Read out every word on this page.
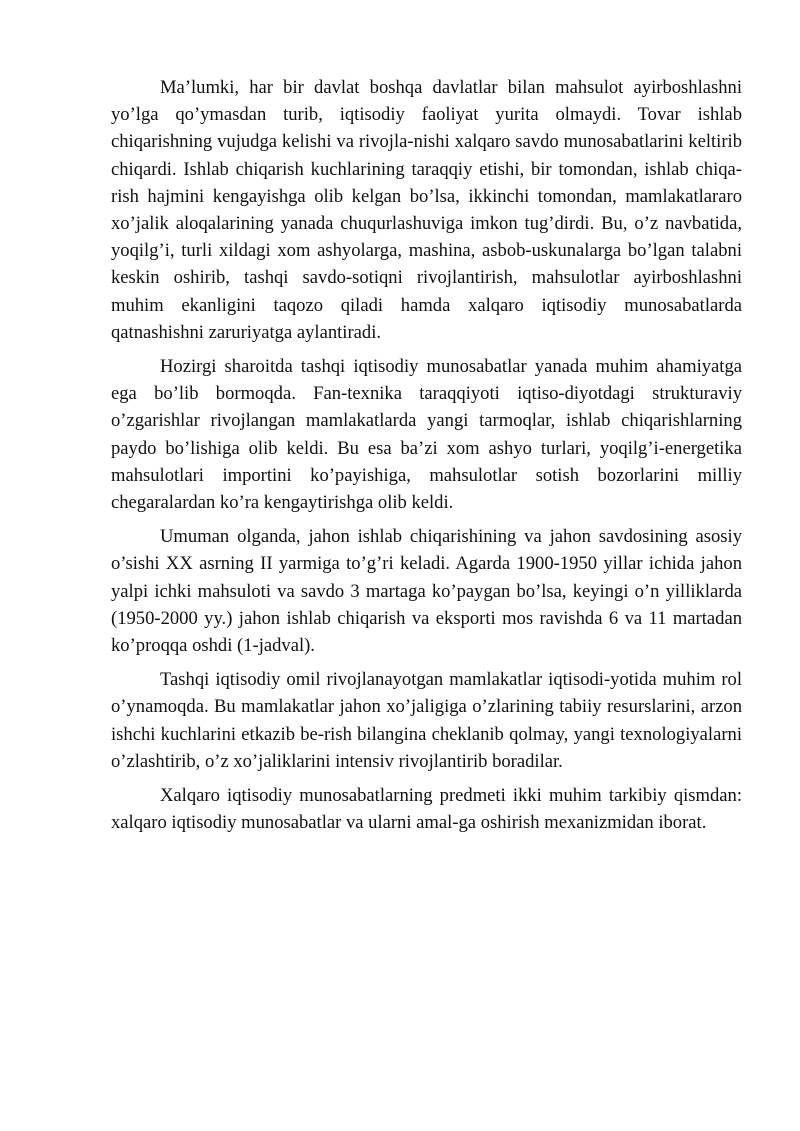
Ma’lumki, har bir davlat boshqa davlatlar bilan mahsulot ayirboshlashni yo’lga qo’ymasdan turib, iqtisodiy faoliyat yurita olmaydi. Tovar ishlab chiqarishning vujudga kelishi va rivojla-nishi xalqaro savdo munosabatlarini keltirib chiqardi. Ishlab chiqarish kuchlarining taraqqiy etishi, bir tomondan, ishlab chiqa-rish hajmini kengayishga olib kelgan bo’lsa, ikkinchi tomondan, mamlakatlararo xo’jalik aloqalarining yanada chuqurlashuviga imkon tug’dirdi. Bu, o’z navbatida, yoqilg’i, turli xildagi xom ashyolarga, mashina, asbob-uskunalarga bo’lgan talabni keskin oshirib, tashqi savdo-sotiqni rivojlantirish, mahsulotlar ayirboshlashni muhim ekanligini taqozo qiladi hamda xalqaro iqtisodiy munosabatlarda qatnashishni zaruriyatga aylantiradi.

Hozirgi sharoitda tashqi iqtisodiy munosabatlar yanada muhim ahamiyatga ega bo’lib bormoqda. Fan-texnika taraqqiyoti iqtiso-diyotdagi strukturaviy o’zgarishlar rivojlangan mamlakatlarda yangi tarmoqlar, ishlab chiqarishlarning paydo bo’lishiga olib keldi. Bu esa ba’zi xom ashyo turlari, yoqilg’i-energetika mahsulotlari importini ko’payishiga, mahsulotlar sotish bozorlarini milliy chegaralardan ko’ra kengaytirishga olib keldi.

Umuman olganda, jahon ishlab chiqarishining va jahon savdosining asosiy o’sishi XX asrning II yarmiga to’g’ri keladi. Agarda 1900-1950 yillar ichida jahon yalpi ichki mahsuloti va savdo 3 martaga ko’paygan bo’lsa, keyingi o’n yilliklarda (1950-2000 yy.) jahon ishlab chiqarish va eksporti mos ravishda 6 va 11 martadan ko’proqqa oshdi (1-jadval).

Tashqi iqtisodiy omil rivojlanayotgan mamlakatlar iqtisodi-yotida muhim rol o’ynamoqda. Bu mamlakatlar jahon xo’jaligiga o’zlarining tabiiy resurslarini, arzon ishchi kuchlarini etkazib be-rish bilangina cheklanib qolmay, yangi texnologiyalarni o’zlashtirib, o’z xo’jaliklarini intensiv rivojlantirib boradilar.

Xalqaro iqtisodiy munosabatlarning predmeti ikki muhim tarkibiy qismdan: xalqaro iqtisodiy munosabatlar va ularni amal-ga oshirish mexanizmidan iborat.
